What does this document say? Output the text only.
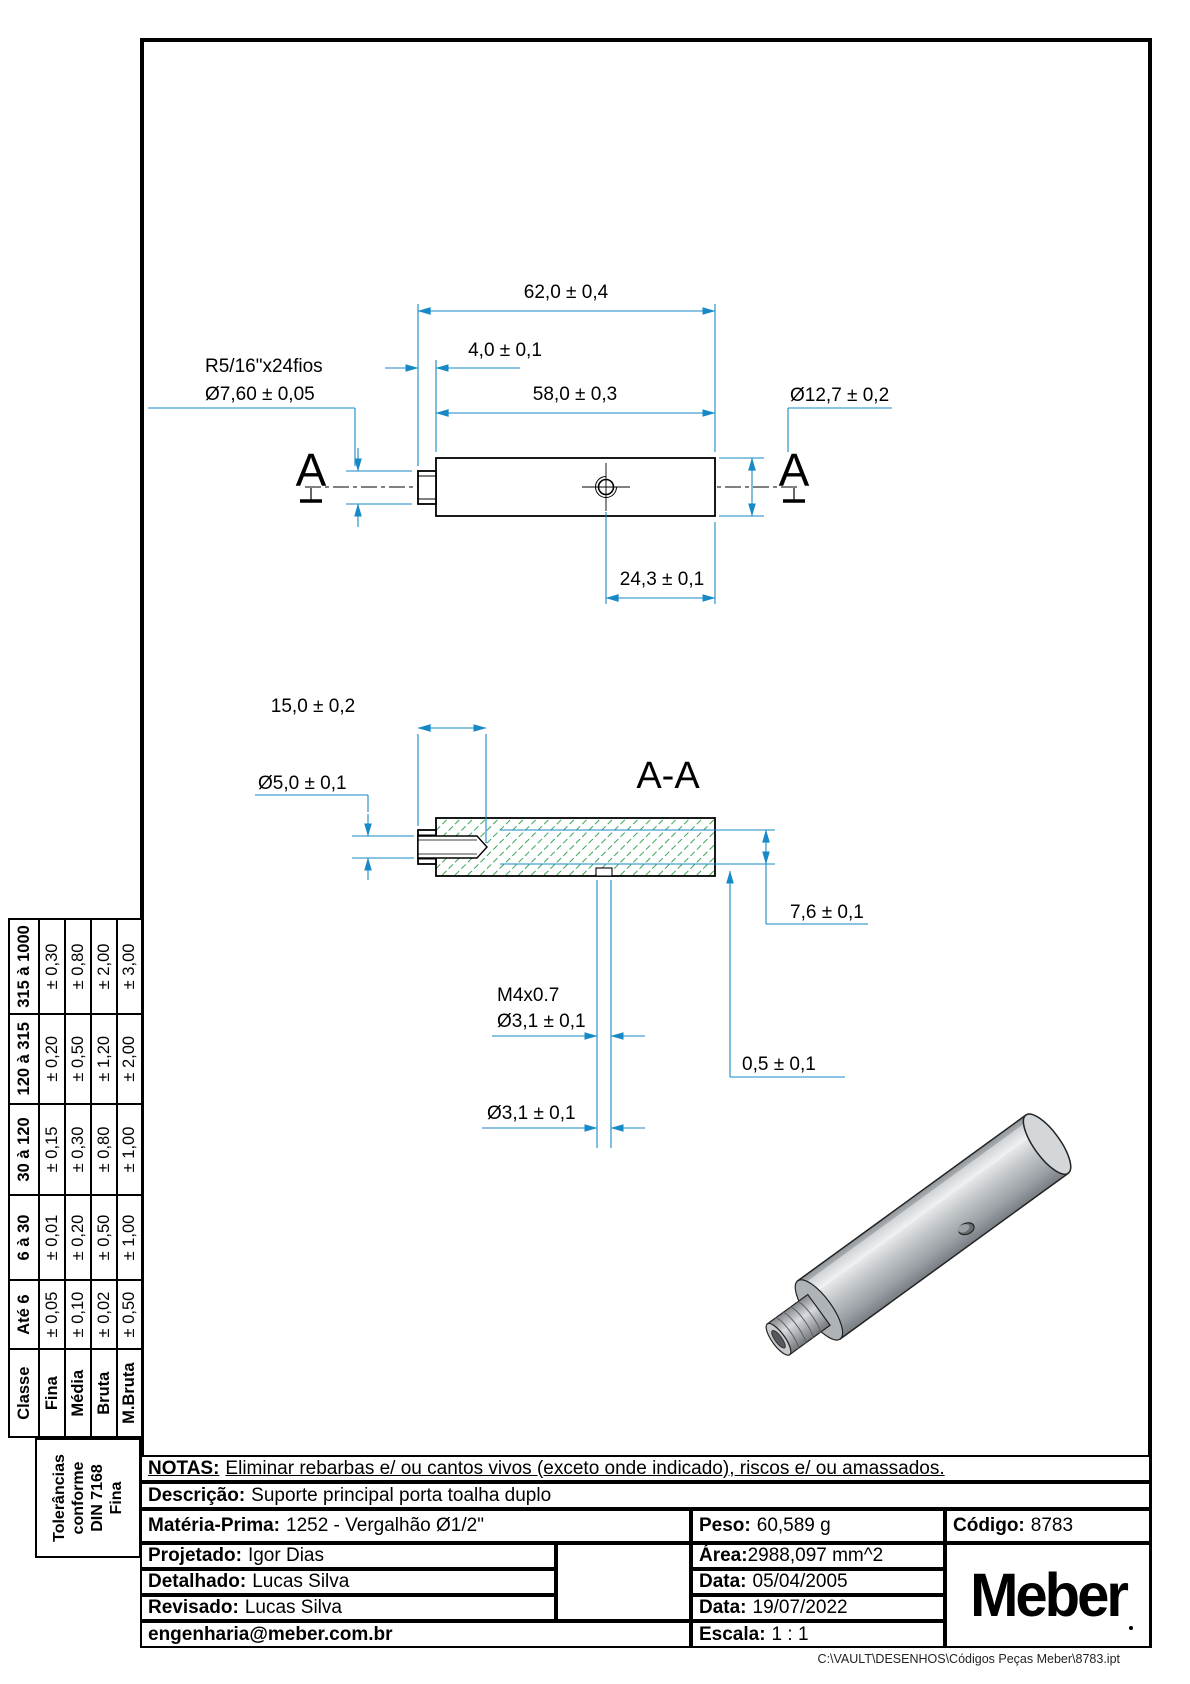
62,0 ± 0,4
4,0 ± 0,1
58,0 ± 0,3
R5/16"x24fios
Ø7,60 ± 0,05	Ø12,7 ± 0,2
24,3 ± 0,1
A	A
A-A
15,0 ± 0,2
Ø5,0 ± 0,1
7,6 ± 0,1
0,5 ± 0,1
M4x0.7
Ø3,1 ± 0,1
Ø3,1 ± 0,1
Tolerâncias conforme DIN 7168 Fina
Classe	Até 6	6 à 30	30 à 120	120 à 315	315 à 1000
Fina	± 0,05	± 0,01	± 0,15	± 0,20	± 0,30
Média	± 0,10	± 0,20	± 0,30	± 0,50	± 0,80
Bruta	± 0,02	± 0,50	± 0,80	± 1,20	± 2,00
M.Bruta	± 0,50	± 1,00	± 1,00	± 2,00	± 3,00
NOTAS: Eliminar rebarbas e/ ou cantos vivos (exceto onde indicado), riscos e/ ou amassados.
Descrição: Suporte principal porta toalha duplo
Matéria-Prima: 1252 - Vergalhão Ø1/2"	Peso: 60,589 g	Código: 8783
Projetado: Igor Dias	Área: 2988,097 mm^2
Meber
Detalhado: Lucas Silva	Data: 05/04/2005
Revisado: Lucas Silva	Data: 19/07/2022
engenharia@meber.com.br	Escala: 1 : 1
C:\VAULT\DESENHOS\Códigos Peças Meber\8783.ipt
